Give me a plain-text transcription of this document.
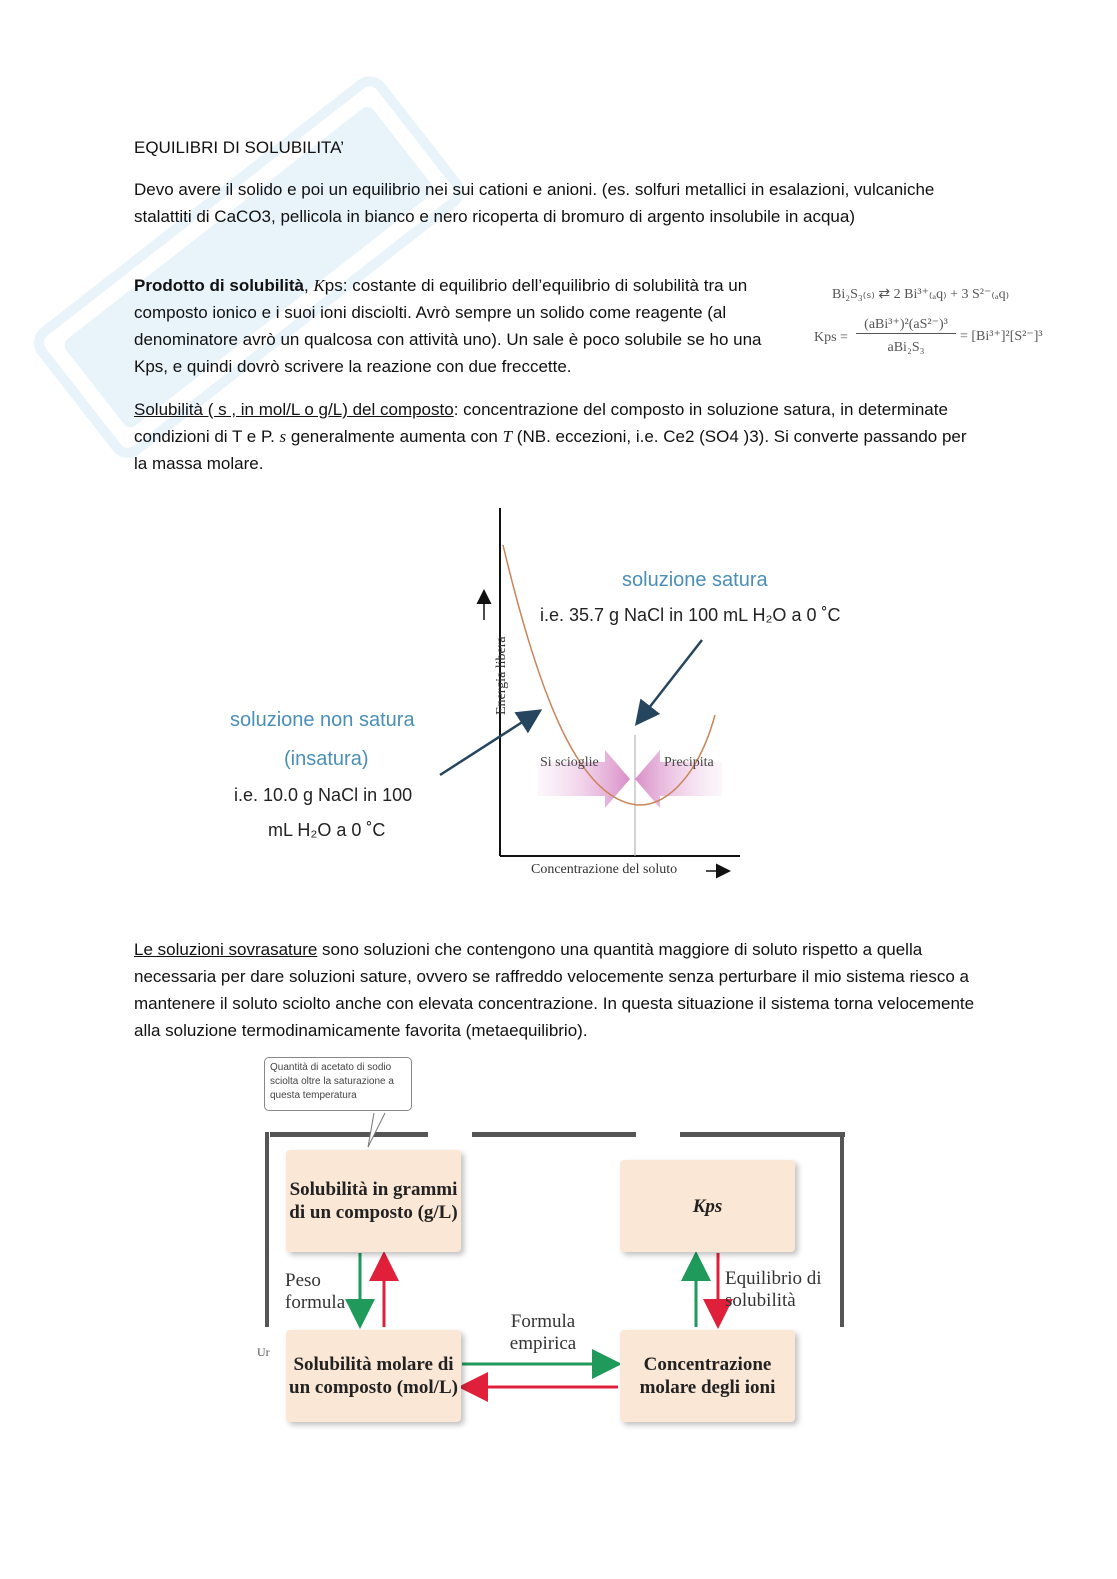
EQUILIBRI DI SOLUBILITA’

Devo avere il solido e poi un equilibrio nei sui cationi e anioni. (es. solfuri metallici in esalazioni, vulcaniche stalattiti di CaCO3, pellicola in bianco e nero ricoperta di bromuro di argento insolubile in acqua)

Prodotto di solubilità, Kps: costante di equilibrio dell’equilibrio di solubilità tra un composto ionico e i suoi ioni disciolti. Avrò sempre un solido come reagente (al denominatore avrò un qualcosa con attività uno). Un sale è poco solubile se ho una Kps, e quindi dovrò scrivere la reazione con due freccette.

Bi₂S₃₍ₛ₎ ⇄ 2 Bi³⁺₍ₐq₎ + 3 S²⁻₍ₐq₎
Kps =
(aBi³⁺)²(aS²⁻)³
aBi₂S₃
= [Bi³⁺]²[S²⁻]³

Solubilità ( s , in mol/L o g/L) del composto: concentrazione del composto in soluzione satura, in determinate condizioni di T e P. s generalmente aumenta con T (NB. eccezioni, i.e. Ce2 (SO4 )3). Si converte passando per la massa molare.

Energia libera
Concentrazione del soluto
soluzione satura
i.e. 35.7 g NaCl in 100 mL H₂O a 0 ˚C
soluzione non satura
(insatura)
i.e. 10.0 g NaCl in 100
mL H₂O a 0 ˚C
Si scioglie	Precipita

Le soluzioni sovrasature sono soluzioni che contengono una quantità maggiore di soluto rispetto a quella necessaria per dare soluzioni sature, ovvero se raffreddo velocemente senza perturbare il mio sistema riesco a mantenere il soluto sciolto anche con elevata concentrazione. In questa situazione il sistema torna velocemente alla soluzione termodinamicamente favorita (metaequilibrio).

Quantità di acetato di sodio sciolta oltre la saturazione a questa temperatura
Solubilità in grammi di un composto (g/L)	Kps
Solubilità molare di un composto (mol/L)
Concentrazione molare degli ioni
Peso formula
Equilibrio di solubilità
Formula empirica
Ur
